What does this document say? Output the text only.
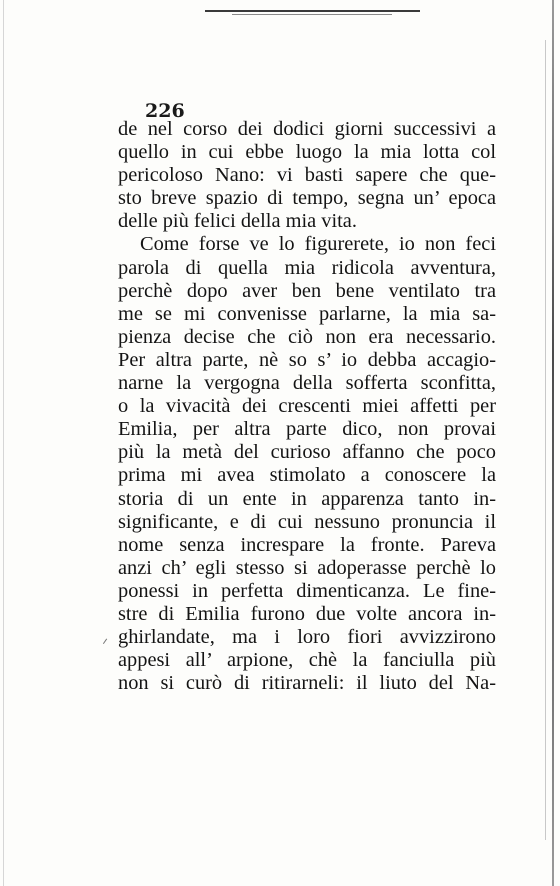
226

de nel corso dei dodici giorni successivi a
quello in cui ebbe luogo la mia lotta col
pericoloso Nano: vi basti sapere che que-
sto breve spazio di tempo, segna un’ epoca
delle più felici della mia vita.
Come forse ve lo figurerete, io non feci
parola di quella mia ridicola avventura,
perchè dopo aver ben bene ventilato tra
me se mi convenisse parlarne, la mia sa-
pienza decise che ciò non era necessario.
Per altra parte, nè so s’ io debba accagio-
narne la vergogna della sofferta sconfitta,
o la vivacità dei crescenti miei affetti per
Emilia, per altra parte dico, non provai
più la metà del curioso affanno che poco
prima mi avea stimolato a conoscere la
storia di un ente in apparenza tanto in-
significante, e di cui nessuno pronuncia il
nome senza increspare la fronte. Pareva
anzi ch’ egli stesso si adoperasse perchè lo
ponessi in perfetta dimenticanza. Le fine-
stre di Emilia furono due volte ancora in-
ghirlandate, ma i loro fiori avvizzirono
appesi all’ arpione, chè la fanciulla più
non si curò di ritirarneli: il liuto del Na-
